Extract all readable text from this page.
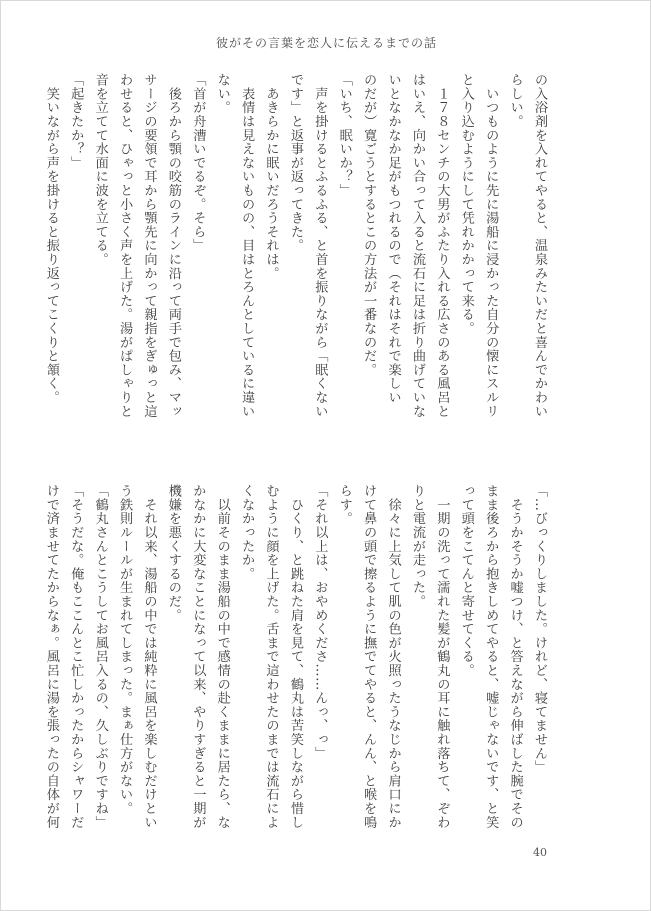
彼がその言葉を恋人に伝えるまでの話
の入浴剤を入れてやると、温泉みたいだと喜んでかわい
らしい。
　いつものように先に湯船に浸かった自分の懐にスルリ
と入り込むようにして凭れかかって来る。
　１７８センチの大男がふたり入れる広さのある風呂と
はいえ、向かい合って入ると流石に足は折り曲げていな
いとなかなか足がもつれるので（それはそれで楽しい
のだが）寛ごうとするとこの方法が一番なのだ。
「いち、眠いか？」
　声を掛けるとふるふる、と首を振りながら「眠くない
です」と返事が返ってきた。
　あきらかに眠いだろうそれは。
　表情は見えないものの、目はとろんとしているに違い
ない。
「首が舟漕いでるぞ。そら」
　後ろから顎の咬筋のラインに沿って両手で包み、マッ
サージの要領で耳から顎先に向かって親指をぎゅっと這
わせると、ひゃっと小さく声を上げた。湯がぱしゃりと
音を立てて水面に波を立てる。
「起きたか？」
　笑いながら声を掛けると振り返ってこくりと頷く。
「…びっくりしました。けれど、寝てません」
　そうかそうか嘘つけ、と答えながら伸ばした腕でその
まま後ろから抱きしめてやると、嘘じゃないです、と笑
って頭をこてんと寄せてくる。
　一期の洗って濡れた髪が鶴丸の耳に触れ落ちて、ぞわ
りと電流が走った。
　徐々に上気して肌の色が火照ったうなじから肩口にか
けて鼻の頭で擦るように撫でてやると、んん、と喉を鳴
らす。
「それ以上は、おやめくださ……んっ、っ」
　ひくり、と跳ねた肩を見て、鶴丸は苦笑しながら惜し
むように顔を上げた。舌まで這わせたのまでは流石によ
くなかったか。
　以前そのまま湯船の中で感情の赴くままに居たら、な
かなかに大変なことになって以来、やりすぎると一期が
機嫌を悪くするのだ。
　それ以来、湯船の中では純粋に風呂を楽しむだけとい
う鉄則ルールが生まれてしまった。まぁ仕方がない。
「鶴丸さんとこうしてお風呂入るの、久しぶりですね」
「そうだな。俺もここんとこ忙しかったからシャワーだ
けで済ませてたからなぁ。風呂に湯を張ったの自体が何
40
